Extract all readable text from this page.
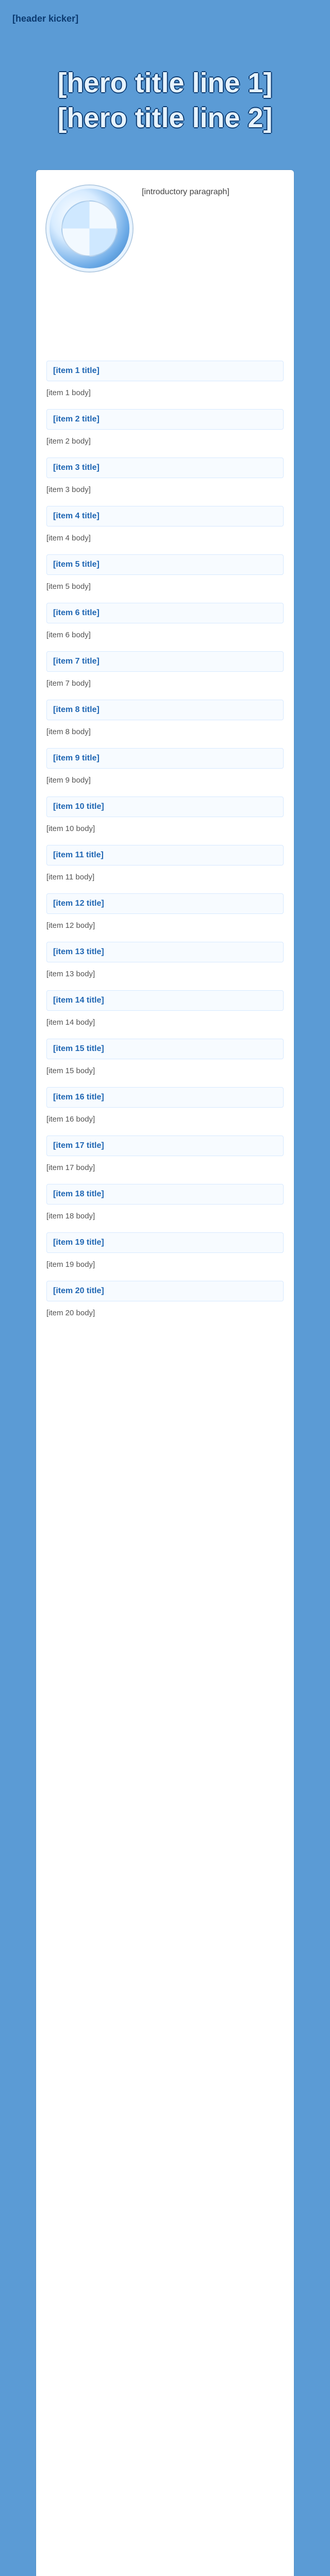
[header kicker]
[hero title line 1]
[hero title line 2]
[introductory paragraph]
[item 1 title]

[item 1 body]

[item 2 title]

[item 2 body]

[item 3 title]

[item 3 body]

[item 4 title]

[item 4 body]

[item 5 title]

[item 5 body]

[item 6 title]

[item 6 body]

[item 7 title]

[item 7 body]

[item 8 title]

[item 8 body]

[item 9 title]

[item 9 body]

[item 10 title]

[item 10 body]

[item 11 title]

[item 11 body]

[item 12 title]

[item 12 body]

[item 13 title]

[item 13 body]

[item 14 title]

[item 14 body]

[item 15 title]

[item 15 body]

[item 16 title]

[item 16 body]

[item 17 title]

[item 17 body]

[item 18 title]

[item 18 body]

[item 19 title]

[item 19 body]

[item 20 title]

[item 20 body]
